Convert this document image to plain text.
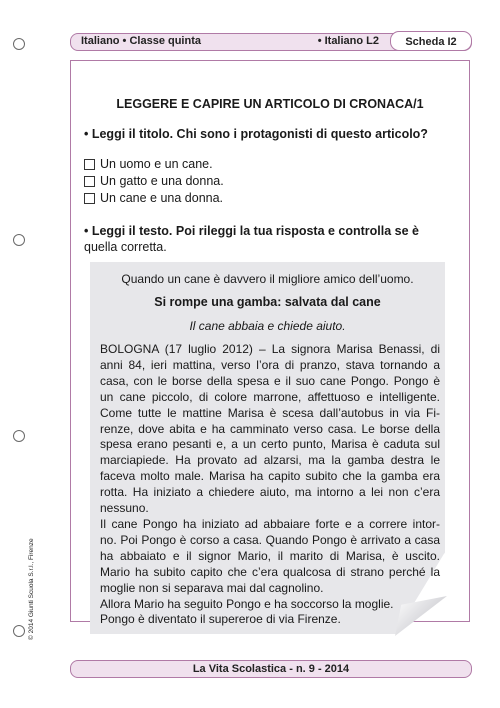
Italiano • Classe quinta	• Italiano L2	Scheda I2
LEGGERE E CAPIRE UN ARTICOLO DI CRONACA/1
• Leggi il titolo. Chi sono i protagonisti di questo articolo?
Un uomo e un cane.
Un gatto e una donna.
Un cane e una donna.
• Leggi il testo. Poi rileggi la tua risposta e controlla se è
quella corretta.
Quando un cane è davvero il migliore amico dell’uomo.
Si rompe una gamba: salvata dal cane
Il cane abbaia e chiede aiuto.
BOLOGNA (17 luglio 2012) – La signora Marisa Benassi, di
anni 84, ieri mattina, verso l’ora di pranzo, stava tornando a
casa, con le borse della spesa e il suo cane Pongo. Pongo è
un cane piccolo, di colore marrone, affettuoso e intelligente.
Come tutte le mattine Marisa è scesa dall’autobus in via Fi-
renze, dove abita e ha camminato verso casa. Le borse della
spesa erano pesanti e, a un certo punto, Marisa è caduta sul
marciapiede. Ha provato ad alzarsi, ma la gamba destra le
faceva molto male. Marisa ha capito subito che la gamba era
rotta. Ha iniziato a chiedere aiuto, ma intorno a lei non c’era
nessuno.
Il cane Pongo ha iniziato ad abbaiare forte e a correre intor-
no. Poi Pongo è corso a casa. Quando Pongo è arrivato a casa
ha abbaiato e il signor Mario, il marito di Marisa, è uscito.
Mario ha subito capito che c’era qualcosa di strano perché la
moglie non si separava mai dal cagnolino.
Allora Mario ha seguito Pongo e ha soccorso la moglie.
Pongo è diventato il supereroe di via Firenze.
La Vita Scolastica - n. 9 - 2014
© 2014 Giunti Scuola S.r.l., Firenze
